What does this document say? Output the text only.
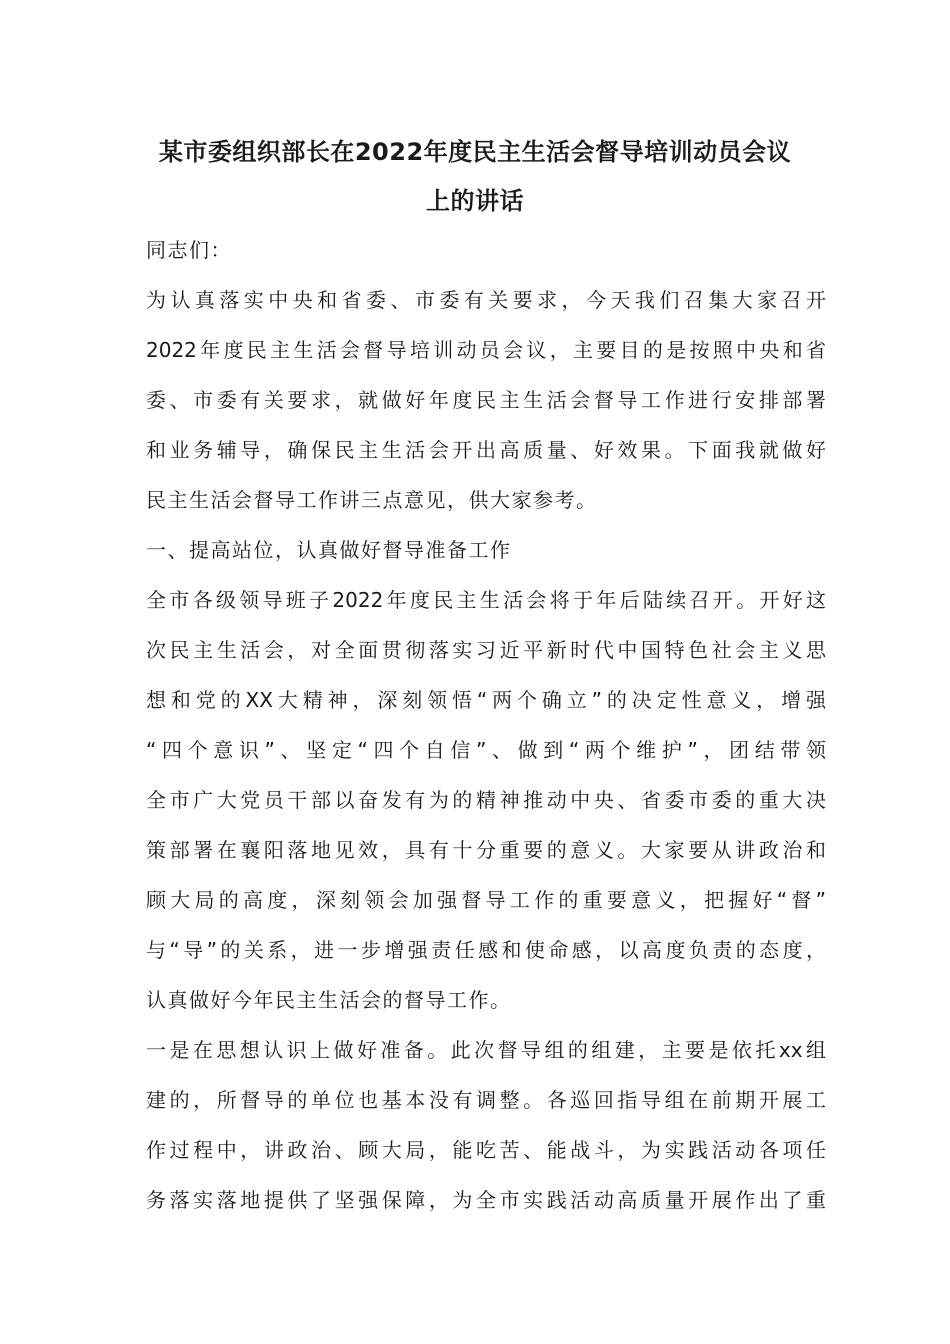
某市委组织部长在2022年度民主生活会督导培训动员会议
上的讲话
同志们：
为认真落实中央和省委、市委有关要求，今天我们召集大家召开
2022年度民主生活会督导培训动员会议，主要目的是按照中央和省
委、市委有关要求，就做好年度民主生活会督导工作进行安排部署
和业务辅导，确保民主生活会开出高质量、好效果。下面我就做好
民主生活会督导工作讲三点意见，供大家参考。
一、提高站位，认真做好督导准备工作
全市各级领导班子2022年度民主生活会将于年后陆续召开。开好这
次民主生活会，对全面贯彻落实习近平新时代中国特色社会主义思
想和党的XX大精神，深刻领悟“两个确立”的决定性意义，增强
“四个意识”、坚定“四个自信”、做到“两个维护”，团结带领
全市广大党员干部以奋发有为的精神推动中央、省委市委的重大决
策部署在襄阳落地见效，具有十分重要的意义。大家要从讲政治和
顾大局的高度，深刻领会加强督导工作的重要意义，把握好“督”
与“导”的关系，进一步增强责任感和使命感，以高度负责的态度，
认真做好今年民主生活会的督导工作。
一是在思想认识上做好准备。此次督导组的组建，主要是依托xx组
建的，所督导的单位也基本没有调整。各巡回指导组在前期开展工
作过程中，讲政治、顾大局，能吃苦、能战斗，为实践活动各项任
务落实落地提供了坚强保障，为全市实践活动高质量开展作出了重
